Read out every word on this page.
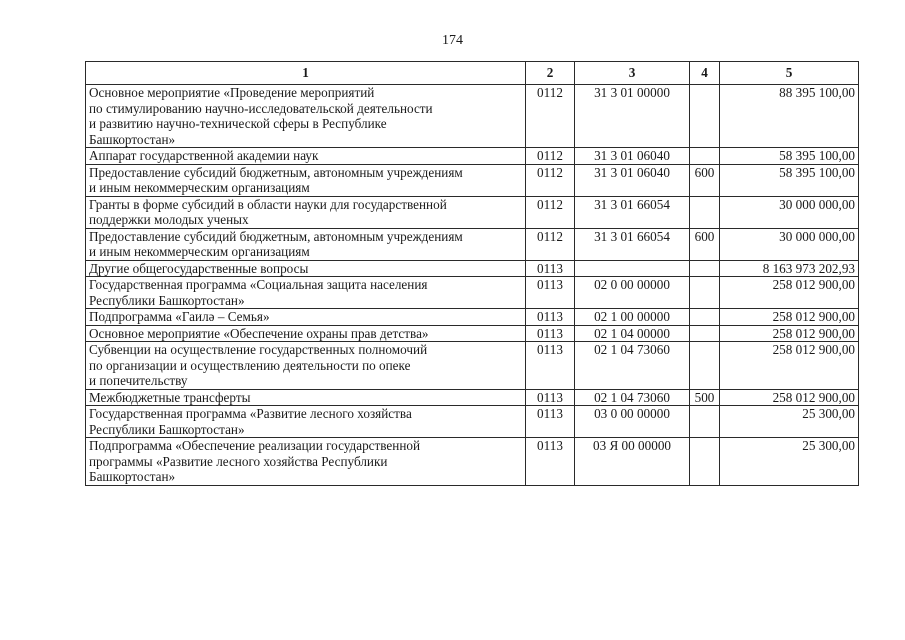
174
1	2	3	4	5
Основное мероприятие «Проведение мероприятий
по стимулированию научно-исследовательской деятельности
и развитию научно-технической сферы в Республике
Башкортостан»	0112	31 3 01 00000		88 395 100,00
Аппарат государственной академии наук	0112	31 3 01 06040		58 395 100,00
Предоставление субсидий бюджетным, автономным учреждениям
и иным некоммерческим организациям	0112	31 3 01 06040	600	58 395 100,00
Гранты в форме субсидий в области науки для государственной
поддержки молодых ученых	0112	31 3 01 66054		30 000 000,00
Предоставление субсидий бюджетным, автономным учреждениям
и иным некоммерческим организациям	0112	31 3 01 66054	600	30 000 000,00
Другие общегосударственные вопросы	0113			8 163 973 202,93
Государственная программа «Социальная защита населения
Республики Башкортостан»	0113	02 0 00 00000		258 012 900,00
Подпрограмма «Гаилә – Семья»	0113	02 1 00 00000		258 012 900,00
Основное мероприятие «Обеспечение охраны прав детства»	0113	02 1 04 00000		258 012 900,00
Субвенции на осуществление государственных полномочий
по организации и осуществлению деятельности по опеке
и попечительству	0113	02 1 04 73060		258 012 900,00
Межбюджетные трансферты	0113	02 1 04 73060	500	258 012 900,00
Государственная программа «Развитие лесного хозяйства
Республики Башкортостан»	0113	03 0 00 00000		25 300,00
Подпрограмма «Обеспечение реализации государственной
программы «Развитие лесного хозяйства Республики
Башкортостан»	0113	03 Я 00 00000		25 300,00
